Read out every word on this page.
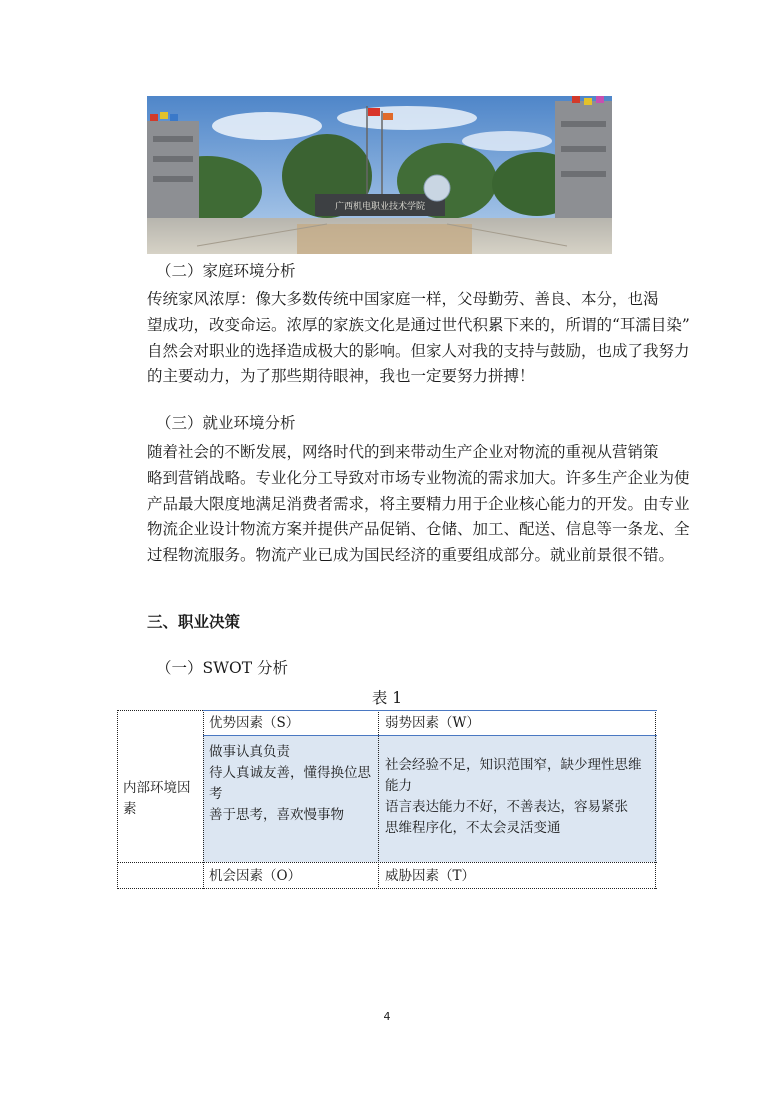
广西机电职业技术学院
（二）家庭环境分析
传统家风浓厚：像大多数传统中国家庭一样，父母勤劳、善良、本分，也渴
望成功，改变命运。浓厚的家族文化是通过世代积累下来的，所谓的“耳濡目染”
自然会对职业的选择造成极大的影响。但家人对我的支持与鼓励，也成了我努力
的主要动力，为了那些期待眼神，我也一定要努力拼搏！
（三）就业环境分析
随着社会的不断发展，网络时代的到来带动生产企业对物流的重视从营销策
略到营销战略。专业化分工导致对市场专业物流的需求加大。许多生产企业为使
产品最大限度地满足消费者需求，将主要精力用于企业核心能力的开发。由专业
物流企业设计物流方案并提供产品促销、仓储、加工、配送、信息等一条龙、全
过程物流服务。物流产业已成为国民经济的重要组成部分。就业前景很不错。
三、职业决策
（一）SWOT 分析
表 1
优势因素（S）	弱势因素（W）
内部环境因素
做事认真负责
待人真诚友善，懂得换位思考
善于思考，喜欢慢事物
社会经验不足，知识范围窄，缺少理性思维能力
语言表达能力不好，不善表达，容易紧张
思维程序化，不太会灵活变通
机会因素（O）	威胁因素（T）
4
